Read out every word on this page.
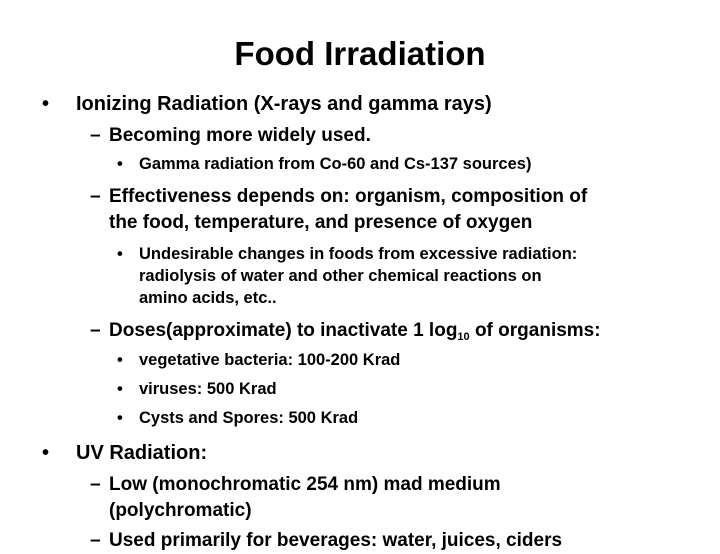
Food Irradiation
• Ionizing Radiation (X‐rays and gamma rays)
– Becoming more widely used.
• Gamma radiation from Co-60 and Cs-137 sources)
– Effectiveness depends on: organism, composition of
the food, temperature, and presence of oxygen
• Undesirable changes in foods from excessive radiation:
radiolysis of water and other chemical reactions on
amino acids, etc..
– Doses(approximate) to inactivate 1 $\log_{10}$ of organisms:
• vegetative bacteria: 100‐200 Krad
• viruses: 500 Krad
• Cysts and Spores: 500 Krad
• UV Radiation:
– Low (monochromatic 254 nm) mad medium
(polychromatic)
– Used primarily for beverages: water, juices, ciders
